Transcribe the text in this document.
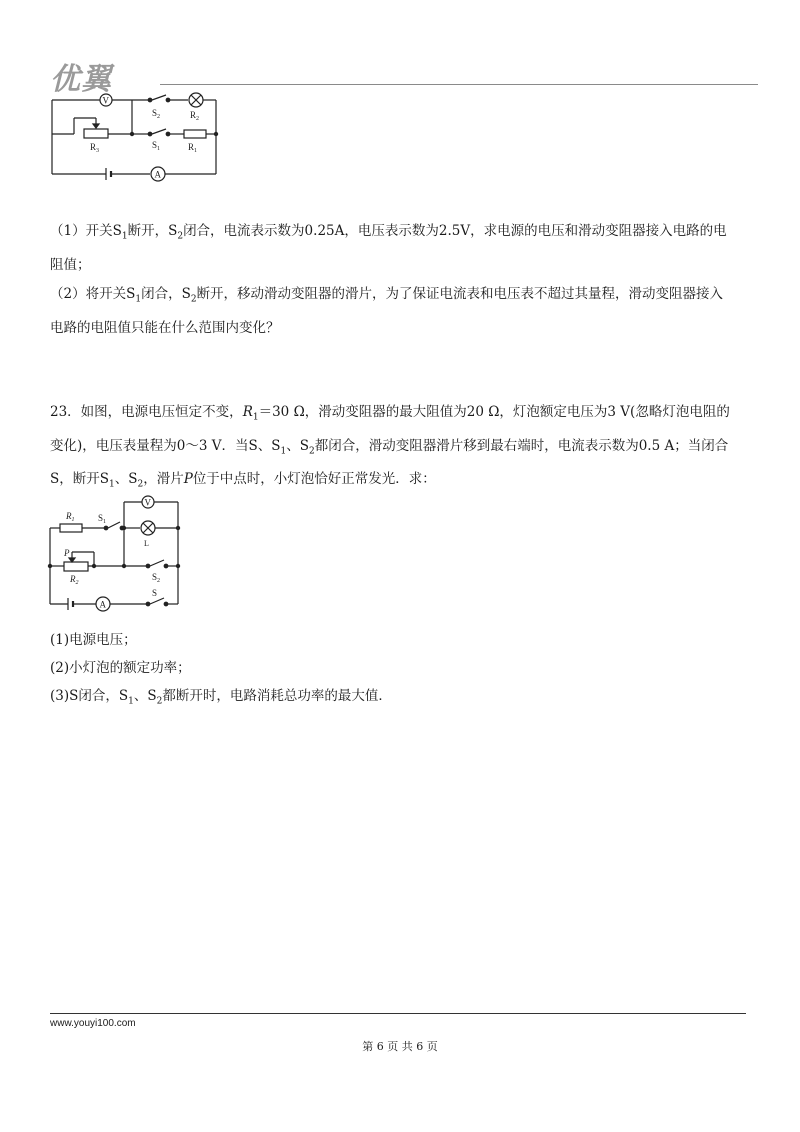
优翼
V
A
$S_2$	$R_2$
$R_3$
$S_1$	$R_1$
（1）开关$S_1$断开，$S_2$闭合，电流表示数为0.25A，电压表示数为2.5V，求电源的电压和滑动变阻器接入电路的电
阻值；
（2）将开关$S_1$闭合，$S_2$断开，移动滑动变阻器的滑片，为了保证电流表和电压表不超过其量程，滑动变阻器接入
电路的电阻值只能在什么范围内变化？
23．如图，电源电压恒定不变，$R_1=30$ Ω，滑动变阻器的最大阻值为20 Ω，灯泡额定电压为3 V(忽略灯泡电阻的
变化)，电压表量程为0～3 V．当S、$S_1$、$S_2$都闭合，滑动变阻器滑片移到最右端时，电流表示数为0.5 A；当闭合
S，断开$S_1$、$S_2$，滑片P位于中点时，小灯泡恰好正常发光．求：
$R_1$	$S_1$
V
L
P
$R_2$
$S_2$
A
S
(1)电源电压；
(2)小灯泡的额定功率；
(3)S闭合，$S_1$、$S_2$都断开时，电路消耗总功率的最大值．
www.youyi100.com
第 6 页 共 6 页
